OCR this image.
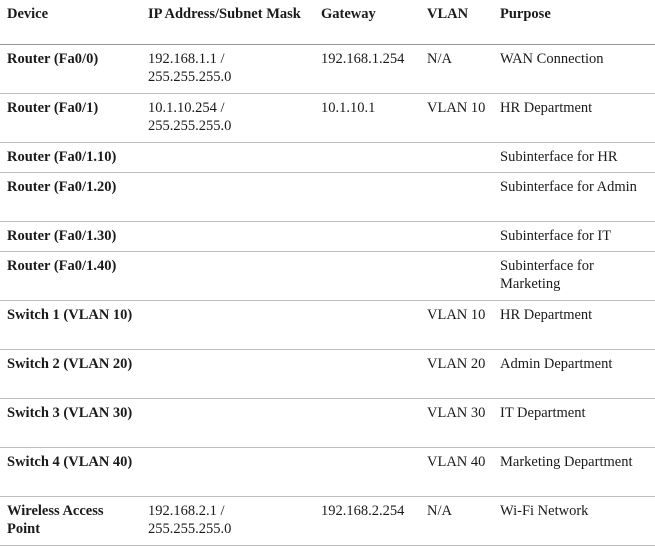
Device	IP Address/Subnet Mask	Gateway	VLAN	Purpose
Router (Fa0/0)	192.168.1.1 / 255.255.255.0	192.168.1.254	N/A	WAN Connection
Router (Fa0/1)	10.1.10.254 / 255.255.255.0	10.1.10.1	VLAN 10	HR Department
Router (Fa0/1.10)				Subinterface for HR
Router (Fa0/1.20)				Subinterface for Admin
Router (Fa0/1.30)				Subinterface for IT
Router (Fa0/1.40)				Subinterface for Marketing
Switch 1 (VLAN 10)			VLAN 10	HR Department
Switch 2 (VLAN 20)			VLAN 20	Admin Department
Switch 3 (VLAN 30)			VLAN 30	IT Department
Switch 4 (VLAN 40)			VLAN 40	Marketing Department
Wireless Access Point	192.168.2.1 / 255.255.255.0	192.168.2.254	N/A	Wi-Fi Network
